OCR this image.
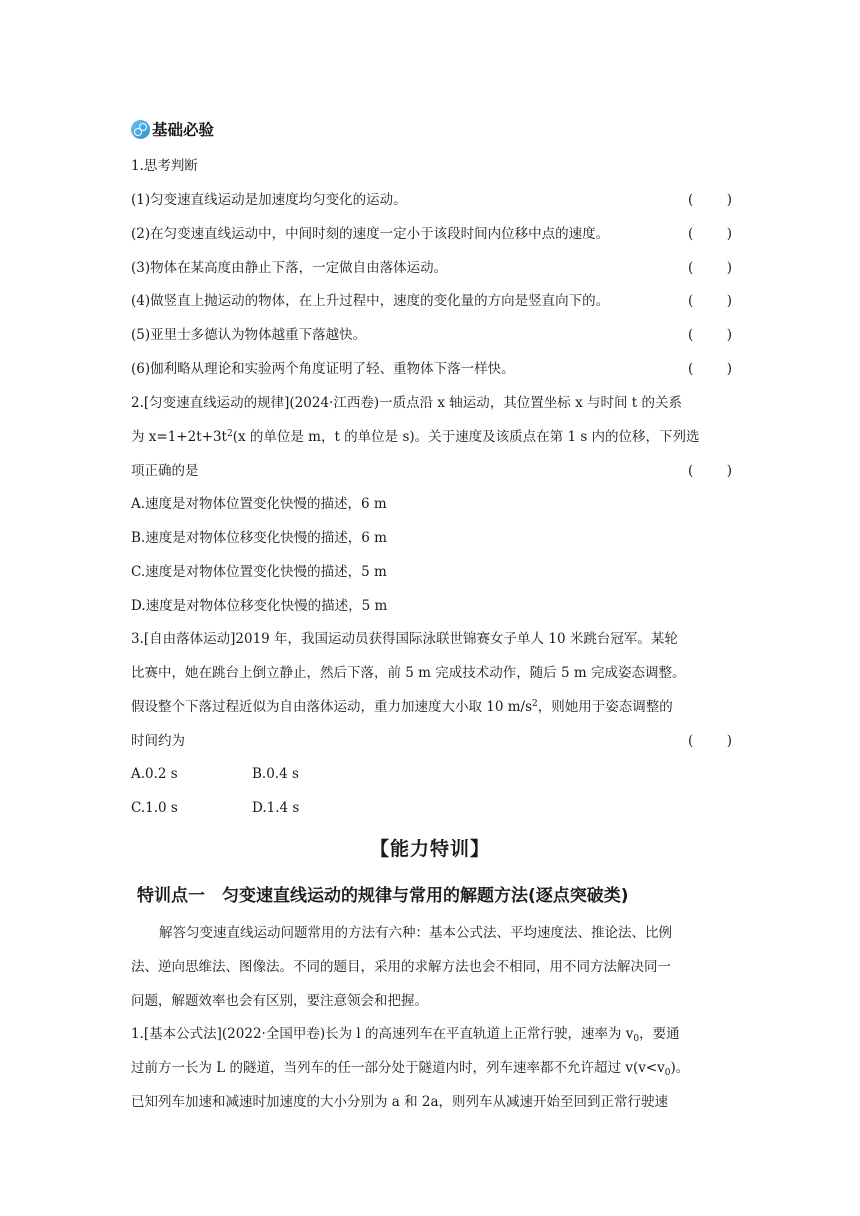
基础必验
1.思考判断
(1)匀变速直线运动是加速度均匀变化的运动。	( )
(2)在匀变速直线运动中，中间时刻的速度一定小于该段时间内位移中点的速度。	( )
(3)物体在某高度由静止下落，一定做自由落体运动。	( )
(4)做竖直上抛运动的物体，在上升过程中，速度的变化量的方向是竖直向下的。	( )
(5)亚里士多德认为物体越重下落越快。	( )
(6)伽利略从理论和实验两个角度证明了轻、重物体下落一样快。	( )
2.[匀变速直线运动的规律](2024·江西卷)一质点沿 x 轴运动，其位置坐标 x 与时间 t 的关系
为 $x=1+2t+3t^2(x$ 的单位是 m，t 的单位是 s)。关于速度及该质点在第 1 s 内的位移，下列选
项正确的是	( )
A.速度是对物体位置变化快慢的描述，6 m
B.速度是对物体位移变化快慢的描述，6 m
C.速度是对物体位置变化快慢的描述，5 m
D.速度是对物体位移变化快慢的描述，5 m
3.[自由落体运动]2019 年，我国运动员获得国际泳联世锦赛女子单人 10 米跳台冠军。某轮
比赛中，她在跳台上倒立静止，然后下落，前 5 m 完成技术动作，随后 5 m 完成姿态调整。
假设整个下落过程近似为自由落体运动，重力加速度大小取 10 $m/s^2$，则她用于姿态调整的
时间约为	( )
A.0.2 s	B.0.4 s
C.1.0 s	D.1.4 s
【能力特训】
特训点一　匀变速直线运动的规律与常用的解题方法(逐点突破类)
解答匀变速直线运动问题常用的方法有六种：基本公式法、平均速度法、推论法、比例
法、逆向思维法、图像法。不同的题目，采用的求解方法也会不相同，用不同方法解决同一
问题，解题效率也会有区别，要注意领会和把握。
1.[基本公式法](2022·全国甲卷)长为 l 的高速列车在平直轨道上正常行驶，速率为 $v_0$，要通
过前方一长为 L 的隧道，当列车的任一部分处于隧道内时，列车速率都不允许超过 $v(v<v_0)$。
已知列车加速和减速时加速度的大小分别为 a 和 2a，则列车从减速开始至回到正常行驶速
